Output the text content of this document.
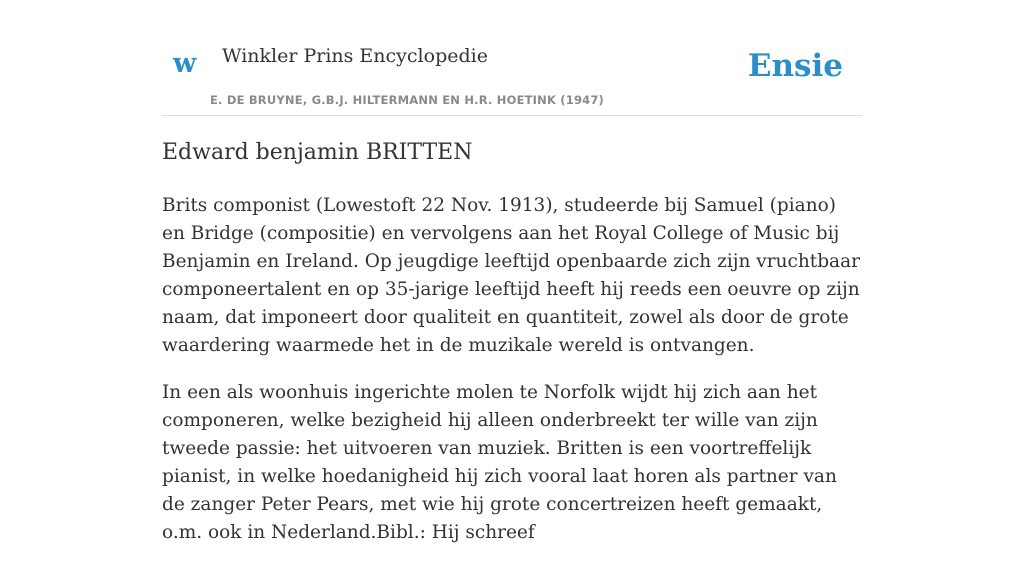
w Winkler Prins Encyclopedie
E. DE BRUYNE, G.B.J. HILTERMANN EN H.R. HOETINK (1947)
Ensie
Edward benjamin BRITTEN

Brits componist (Lowestoft 22 Nov. 1913), studeerde bij Samuel (piano) en Bridge (compositie) en vervolgens aan het Royal College of Music bij Benjamin en Ireland. Op jeugdige leeftijd openbaarde zich zijn vruchtbaar componeertalent en op 35-jarige leeftijd heeft hij reeds een oeuvre op zijn naam, dat imponeert door qualiteit en quantiteit, zowel als door de grote waardering waarmede het in de muzikale wereld is ontvangen.

In een als woonhuis ingerichte molen te Norfolk wijdt hij zich aan het componeren, welke bezigheid hij alleen onderbreekt ter wille van zijn tweede passie: het uitvoeren van muziek. Britten is een voortreffelijk pianist, in welke hoedanigheid hij zich vooral laat horen als partner van de zanger Peter Pears, met wie hij grote concertreizen heeft gemaakt, o.m. ook in Nederland.Bibl.: Hij schreef
